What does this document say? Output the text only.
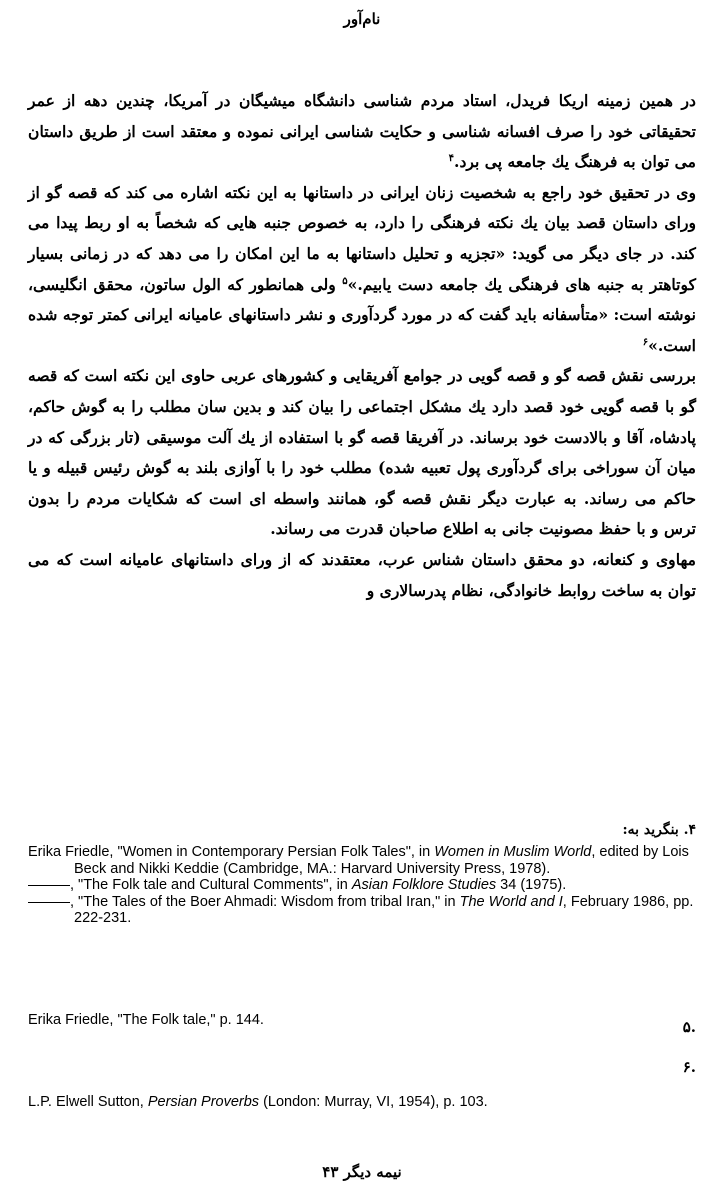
نام‌آور

در همین زمینه اریکا فریدل، استاد مردم شناسی دانشگاه میشیگان در آمریکا، چندین دهه از عمر تحقیقاتی خود را صرف افسانه شناسی و حکایت شناسی ایرانی نموده و معتقد است از طریق داستان می توان به فرهنگ یك جامعه پی برد.$^۴$

وی در تحقیق خود راجع به شخصیت زنان ایرانی در داستانها به این نکته اشاره می کند که قصه گو از ورای داستان قصد بیان یك نکته فرهنگی را دارد، به خصوص جنبه هایی که شخصاً به او ربط پیدا می کند. در جای دیگر می گوید: «تجزیه و تحلیل داستانها به ما این امکان را می دهد که در زمانی بسیار کوتاهتر به جنبه های فرهنگی یك جامعه دست یابیم.»$^۵$ ولی همانطور که الول ساتون، محقق انگلیسی، نوشته است: «متأسفانه باید گفت که در مورد گردآوری و نشر داستانهای عامیانه ایرانی کمتر توجه شده است.»$^۶$

بررسی نقش قصه گو و قصه گویی در جوامع آفریقایی و کشورهای عربی حاوی این نکته است که قصه گو با قصه گویی خود قصد دارد یك مشکل اجتماعی را بیان کند و بدین سان مطلب را به گوش حاکم، پادشاه، آقا و بالادست خود برساند. در آفریقا قصه گو با استفاده از یك آلت موسیقی (تار بزرگی که در میان آن سوراخی برای گردآوری پول تعبیه شده) مطلب خود را با آوازی بلند به گوش رئیس قبیله و یا حاکم می رساند. به عبارت دیگر نقش قصه گو، همانند واسطه ای است که شکایات مردم را بدون ترس و با حفظ مصونیت جانی به اطلاع صاحبان قدرت می رساند.

مهاوی و کنعانه، دو محقق داستان شناس عرب، معتقدند که از ورای داستانهای عامیانه است که می توان به ساخت روابط خانوادگی، نظام پدرسالاری و

۴. بنگرید به:
Erika Friedle, "Women in Contemporary Persian Folk Tales", in Women in Muslim World, edited by Lois Beck and Nikki Keddie (Cambridge, MA.: Harvard University Press, 1978).
, "The Folk tale and Cultural Comments", in Asian Folklore Studies 34 (1975).
, "The Tales of the Boer Ahmadi: Wisdom from tribal Iran," in The World and I, February 1986, pp. 222-231.
۵.
Erika Friedle, "The Folk tale," p. 144.
۶.
L.P. Elwell Sutton, Persian Proverbs (London: Murray, VI, 1954), p. 103.
نیمه دیگر ۴۳
